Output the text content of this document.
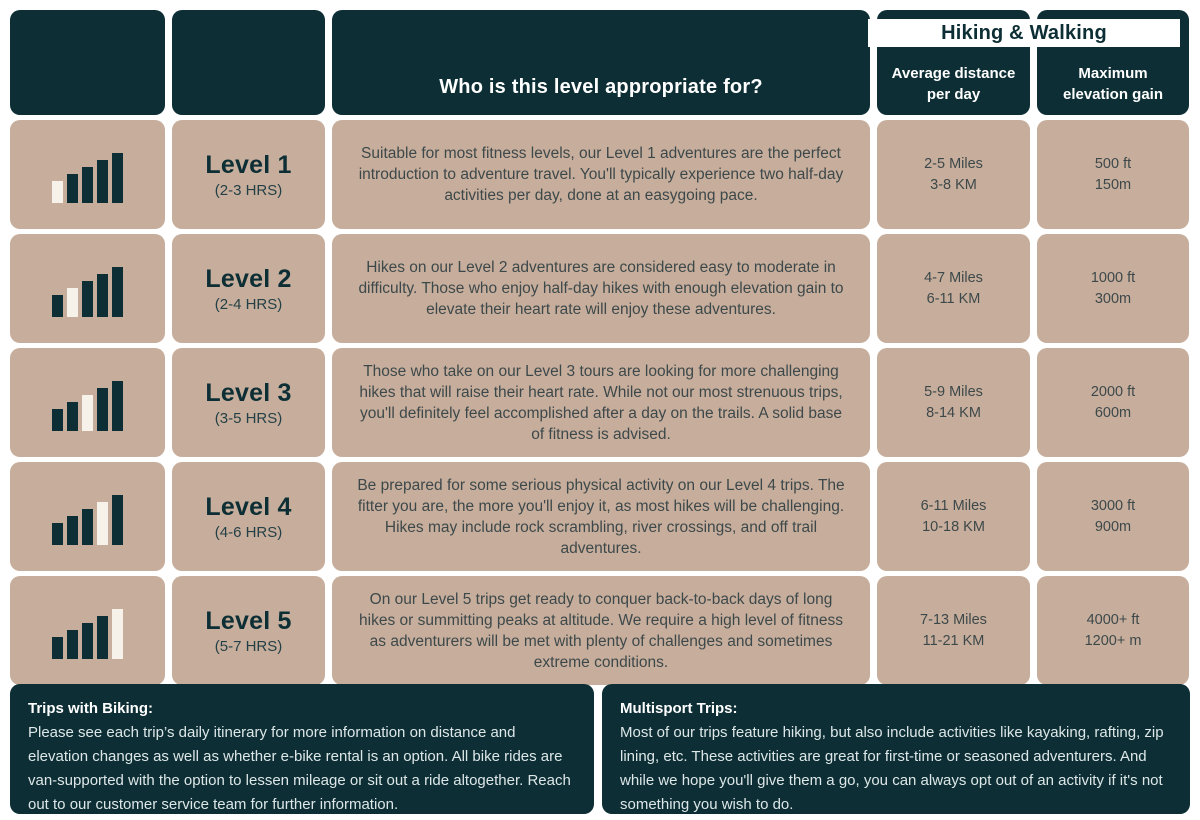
Who is this level appropriate for?
Average distance per day
Maximum elevation gain
Level 1
(2-3 HRS)
Suitable for most fitness levels, our Level 1 adventures are the perfect introduction to adventure travel. You'll typically experience two half-day activities per day, done at an easygoing pace.
2-5 Miles
3-8 KM
500 ft
150m
Level 2
(2-4 HRS)
Hikes on our Level 2 adventures are considered easy to moderate in difficulty. Those who enjoy half-day hikes with enough elevation gain to elevate their heart rate will enjoy these adventures.
4-7 Miles
6-11 KM
1000 ft
300m
Level 3
(3-5 HRS)
Those who take on our Level 3 tours are looking for more challenging hikes that will raise their heart rate. While not our most strenuous trips, you'll definitely feel accomplished after a day on the trails. A solid base of fitness is advised.
5-9 Miles
8-14 KM
2000 ft
600m
Level 4
(4-6 HRS)
Be prepared for some serious physical activity on our Level 4 trips. The fitter you are, the more you'll enjoy it, as most hikes will be challenging. Hikes may include rock scrambling, river crossings, and off trail adventures.
6-11 Miles
10-18 KM
3000 ft
900m
Level 5
(5-7 HRS)
On our Level 5 trips get ready to conquer back-to-back days of long hikes or summitting peaks at altitude. We require a high level of fitness as adventurers will be met with plenty of challenges and sometimes extreme conditions.
7-13 Miles
11-21 KM
4000+ ft
1200+ m
Hiking & Walking
Trips with Biking:
Please see each trip’s daily itinerary for more information on distance and elevation changes as well as whether e-bike rental is an option. All bike rides are van-supported with the option to lessen mileage or sit out a ride altogether. Reach out to our customer service team for further information.
Multisport Trips:
Most of our trips feature hiking, but also include activities like kayaking, rafting, zip lining, etc. These activities are great for first-time or seasoned adventurers. And while we hope you'll give them a go, you can always opt out of an activity if it's not something you wish to do.
